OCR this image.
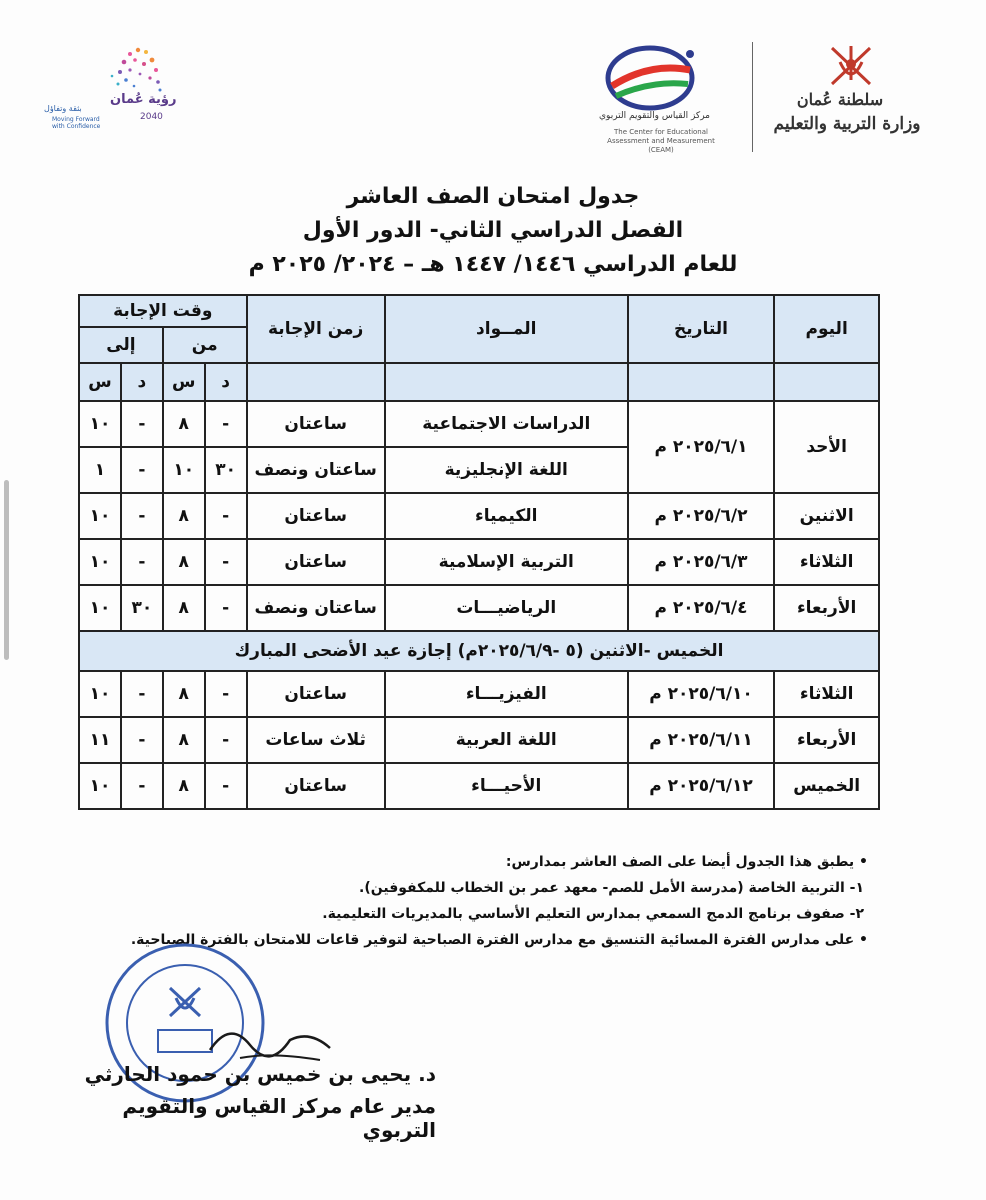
رؤية عُمان
2040
بثقة وتفاؤل
Moving Forward with Confidence
مركز القياس والتقويم التربوي
The Center for Educational Assessment and Measurement (CEAM)
سلطنة عُمان
وزارة التربية والتعليم
جدول امتحان الصف العاشر
الفصل الدراسي الثاني- الدور الأول
للعام الدراسي ١٤٤٦/ ١٤٤٧ هـ – ٢٠٢٤/ ٢٠٢٥ م
اليوم	التاريخ	المــواد	زمن الإجابة	وقت الإجابة			
				من		إلى	
				د	س	د	س
الأحد	٢٠٢٥/٦/١ م	الدراسات الاجتماعية	ساعتان	-	٨	-	١٠
		اللغة الإنجليزية	ساعتان ونصف	٣٠	١٠	-	١
الاثنين	٢٠٢٥/٦/٢ م	الكيمياء	ساعتان	-	٨	-	١٠
الثلاثاء	٢٠٢٥/٦/٣ م	التربية الإسلامية	ساعتان	-	٨	-	١٠
الأربعاء	٢٠٢٥/٦/٤ م	الرياضيـــات	ساعتان ونصف	-	٨	٣٠	١٠
الخميس -الاثنين (٥ -٢٠٢٥/٦/٩م) إجازة عيد الأضحى المبارك							
الثلاثاء	٢٠٢٥/٦/١٠ م	الفيزيـــاء	ساعتان	-	٨	-	١٠
الأربعاء	٢٠٢٥/٦/١١ م	اللغة العربية	ثلاث ساعات	-	٨	-	١١
الخميس	٢٠٢٥/٦/١٢ م	الأحيـــاء	ساعتان	-	٨	-	١٠
• يطبق هذا الجدول أيضا على الصف العاشر بمدارس:
١- التربية الخاصة (مدرسة الأمل للصم- معهد عمر بن الخطاب للمكفوفين).
٢- صفوف برنامج الدمج السمعي بمدارس التعليم الأساسي بالمديريات التعليمية.
• على مدارس الفترة المسائية التنسيق مع مدارس الفترة الصباحية لتوفير قاعات للامتحان بالفترة الصباحية.
د. يحيى بن خميس بن حمود الحارثي
مدير عام مركز القياس والتقويم التربوي
